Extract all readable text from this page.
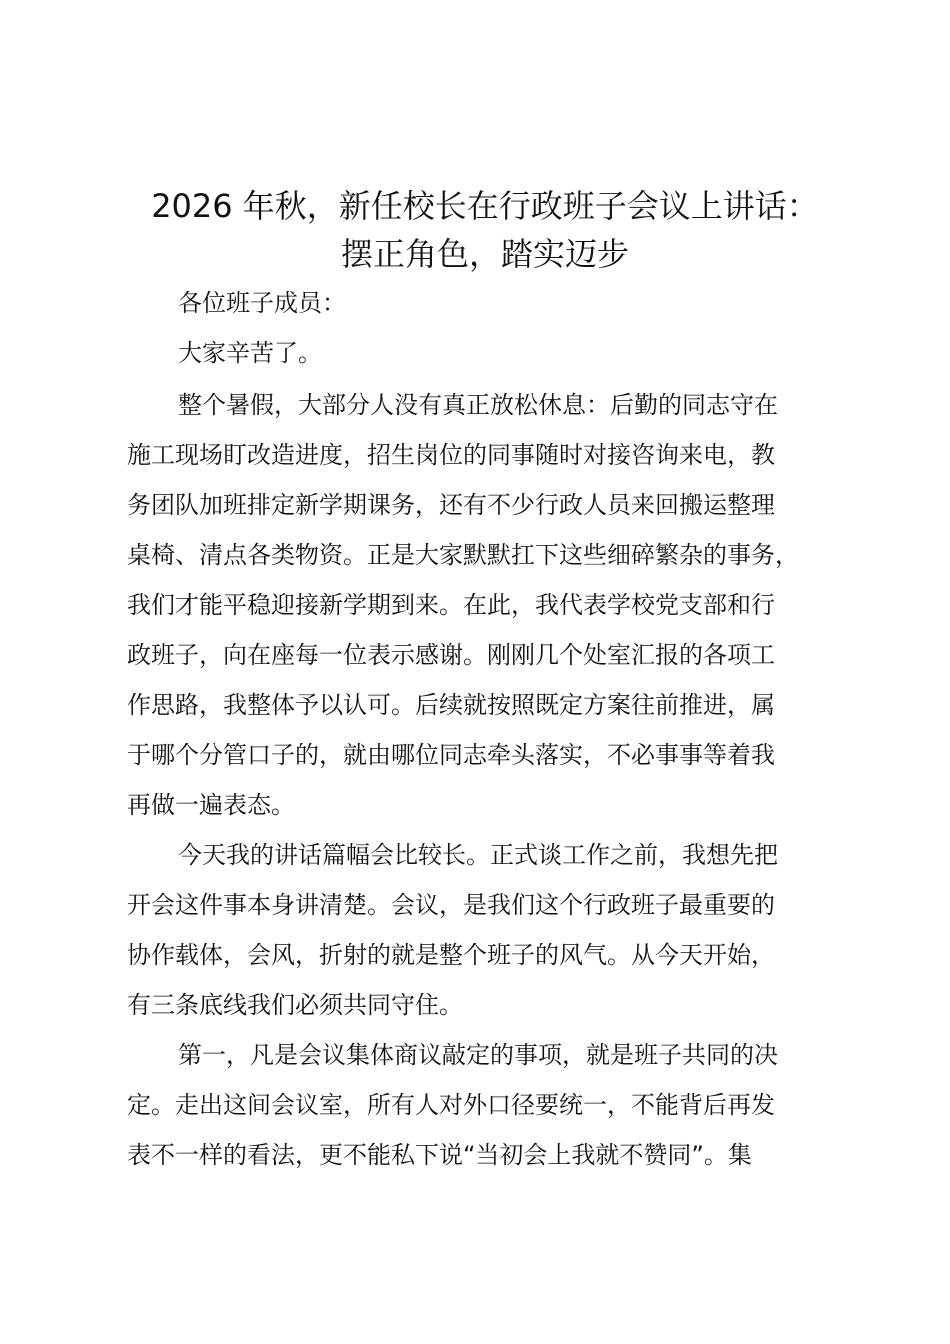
2026 年秋，新任校长在行政班子会议上讲话：
摆正角色，踏实迈步

各位班子成员：

大家辛苦了。

整个暑假，大部分人没有真正放松休息：后勤的同志守在

施工现场盯改造进度，招生岗位的同事随时对接咨询来电，教

务团队加班排定新学期课务，还有不少行政人员来回搬运整理

桌椅、清点各类物资。正是大家默默扛下这些细碎繁杂的事务，

我们才能平稳迎接新学期到来。在此，我代表学校党支部和行

政班子，向在座每一位表示感谢。刚刚几个处室汇报的各项工

作思路，我整体予以认可。后续就按照既定方案往前推进，属

于哪个分管口子的，就由哪位同志牵头落实，不必事事等着我

再做一遍表态。

今天我的讲话篇幅会比较长。正式谈工作之前，我想先把

开会这件事本身讲清楚。会议，是我们这个行政班子最重要的

协作载体，会风，折射的就是整个班子的风气。从今天开始，

有三条底线我们必须共同守住。

第一，凡是会议集体商议敲定的事项，就是班子共同的决

定。走出这间会议室，所有人对外口径要统一，不能背后再发

表不一样的看法，更不能私下说“当初会上我就不赞同”。集
